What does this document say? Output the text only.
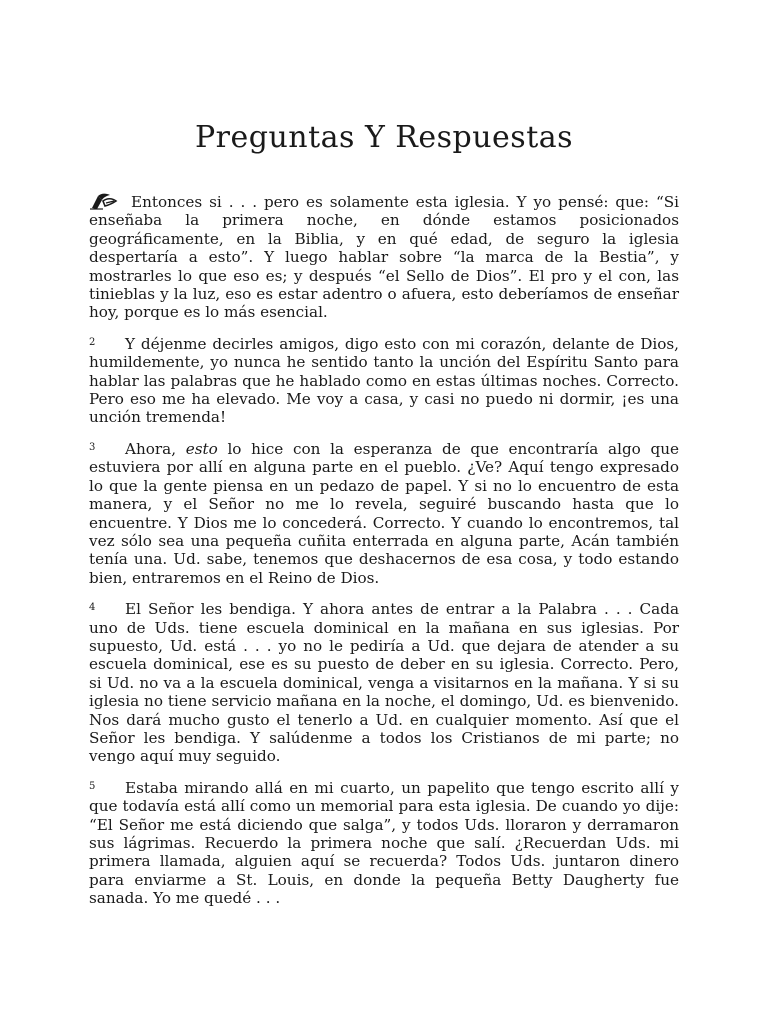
Preguntas Y Respuestas

Entonces si . . . pero es solamente esta iglesia. Y yo pensé: que: “Si enseñaba la primera noche, en dónde estamos posicionados geográficamente, en la Biblia, y en qué edad, de seguro la iglesia despertaría a esto”. Y luego hablar sobre “la marca de la Bestia”, y mostrarles lo que eso es; y después “el Sello de Dios”. El pro y el con, las tinieblas y la luz, eso es estar adentro o afuera, esto deberíamos de enseñar hoy, porque es lo más esencial.

2 Y déjenme decirles amigos, digo esto con mi corazón, delante de Dios, humildemente, yo nunca he sentido tanto la unción del Espíritu Santo para hablar las palabras que he hablado como en estas últimas noches. Correcto. Pero eso me ha elevado. Me voy a casa, y casi no puedo ni dormir, ¡es una unción tremenda!

3 Ahora, esto lo hice con la esperanza de que encontraría algo que estuviera por allí en alguna parte en el pueblo. ¿Ve? Aquí tengo expresado lo que la gente piensa en un pedazo de papel. Y si no lo encuentro de esta manera, y el Señor no me lo revela, seguiré buscando hasta que lo encuentre. Y Dios me lo concederá. Correcto. Y cuando lo encontremos, tal vez sólo sea una pequeña cuñita enterrada en alguna parte, Acán también tenía una. Ud. sabe, tenemos que deshacernos de esa cosa, y todo estando bien, entraremos en el Reino de Dios.

4 El Señor les bendiga. Y ahora antes de entrar a la Palabra . . . Cada uno de Uds. tiene escuela dominical en la mañana en sus iglesias. Por supuesto, Ud. está . . . yo no le pediría a Ud. que dejara de atender a su escuela dominical, ese es su puesto de deber en su iglesia. Correcto. Pero, si Ud. no va a la escuela dominical, venga a visitarnos en la mañana. Y si su iglesia no tiene servicio mañana en la noche, el domingo, Ud. es bienvenido. Nos dará mucho gusto el tenerlo a Ud. en cualquier momento. Así que el Señor les bendiga. Y salúdenme a todos los Cristianos de mi parte; no vengo aquí muy seguido.

5 Estaba mirando allá en mi cuarto, un papelito que tengo escrito allí y que todavía está allí como un memorial para esta iglesia. De cuando yo dije: “El Señor me está diciendo que salga”, y todos Uds. lloraron y derramaron sus lágrimas. Recuerdo la primera noche que salí. ¿Recuerdan Uds. mi primera llamada, alguien aquí se recuerda? Todos Uds. juntaron dinero para enviarme a St. Louis, en donde la pequeña Betty Daugherty fue sanada. Yo me quedé . . .
